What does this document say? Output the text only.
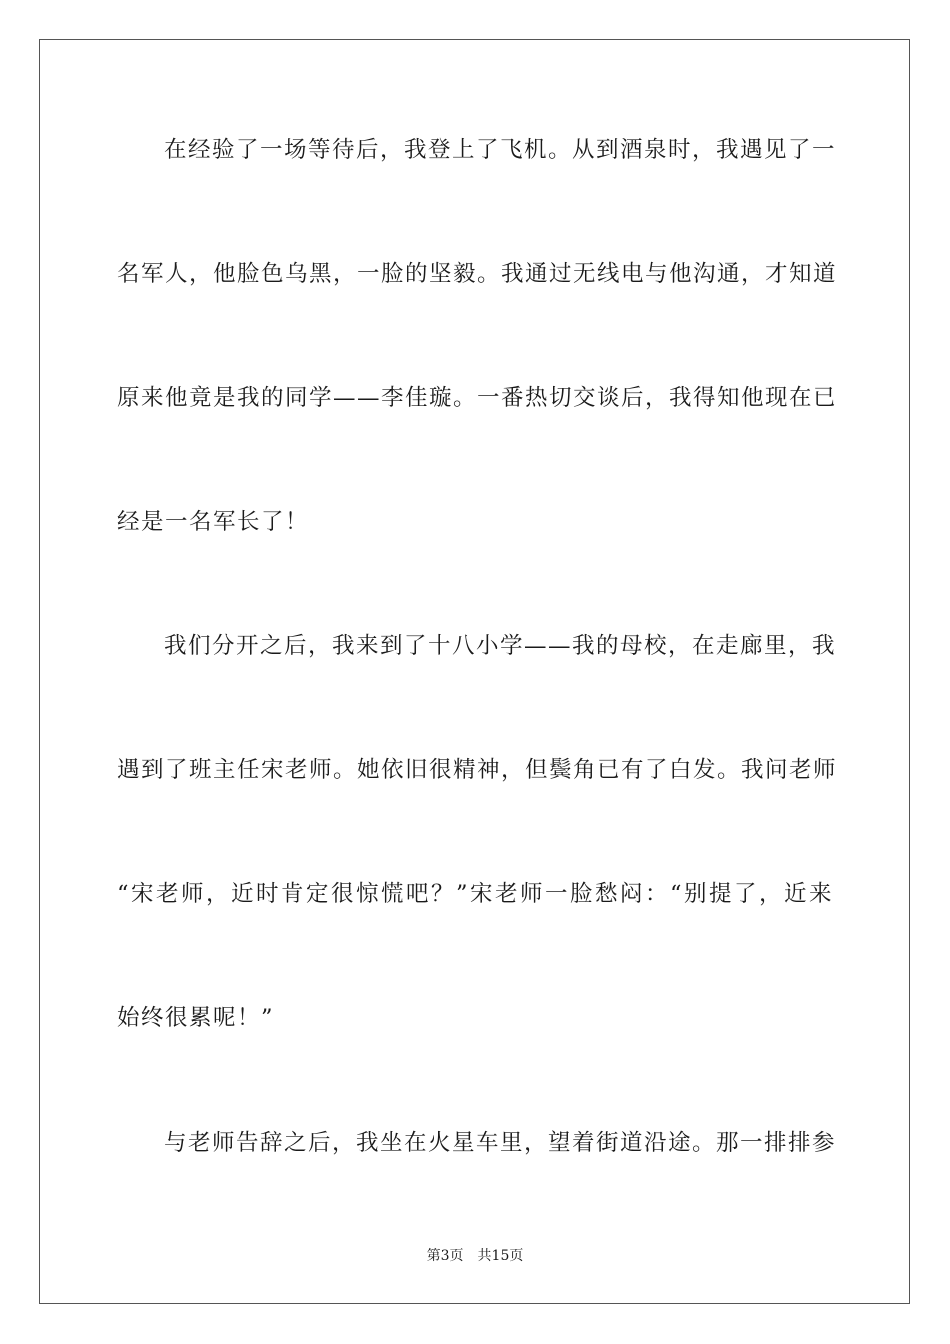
在经验了一场等待后，我登上了飞机。从到酒泉时，我遇见了一
名军人，他脸色乌黑，一脸的坚毅。我通过无线电与他沟通，才知道
原来他竟是我的同学——李佳璇。一番热切交谈后，我得知他现在已
经是一名军长了！
我们分开之后，我来到了十八小学——我的母校，在走廊里，我
遇到了班主任宋老师。她依旧很精神，但鬓角已有了白发。我问老师
“宋老师，近时肯定很惊慌吧？”宋老师一脸愁闷：“别提了，近来
始终很累呢！”
与老师告辞之后，我坐在火星车里，望着街道沿途。那一排排参
第3页　共15页
